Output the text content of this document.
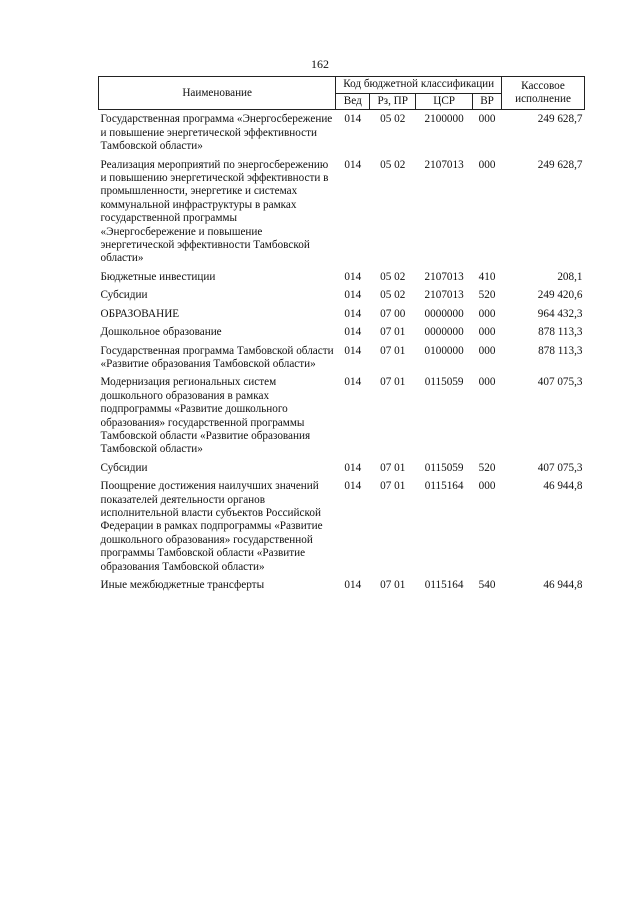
162
Наименование	Код бюджетной классификации				Кассовое исполнение
	Вед	Рз, ПР	ЦСР	ВР	
Государственная программа «Энергосбережение и повышение энергетической эффективности Тамбовской области»	014	05 02	2100000	000	249 628,7
Реализация мероприятий по энергосбережению и повышению энергетической эффективности в промышленности, энергетике и системах коммунальной инфраструктуры в рамках государственной программы «Энергосбережение и повышение энергетической эффективности Тамбовской области»	014	05 02	2107013	000	249 628,7
Бюджетные инвестиции	014	05 02	2107013	410	208,1
Субсидии	014	05 02	2107013	520	249 420,6
ОБРАЗОВАНИЕ	014	07 00	0000000	000	964 432,3
Дошкольное образование	014	07 01	0000000	000	878 113,3
Государственная программа Тамбовской области «Развитие образования Тамбовской области»	014	07 01	0100000	000	878 113,3
Модернизация региональных систем дошкольного образования в рамках подпрограммы «Развитие дошкольного образования» государственной программы Тамбовской области «Развитие образования Тамбовской области»	014	07 01	0115059	000	407 075,3
Субсидии	014	07 01	0115059	520	407 075,3
Поощрение достижения наилучших значений показателей деятельности органов исполнительной власти субъектов Российской Федерации в рамках подпрограммы «Развитие дошкольного образования» государственной программы Тамбовской области «Развитие образования Тамбовской области»	014	07 01	0115164	000	46 944,8
Иные межбюджетные трансферты	014	07 01	0115164	540	46 944,8
